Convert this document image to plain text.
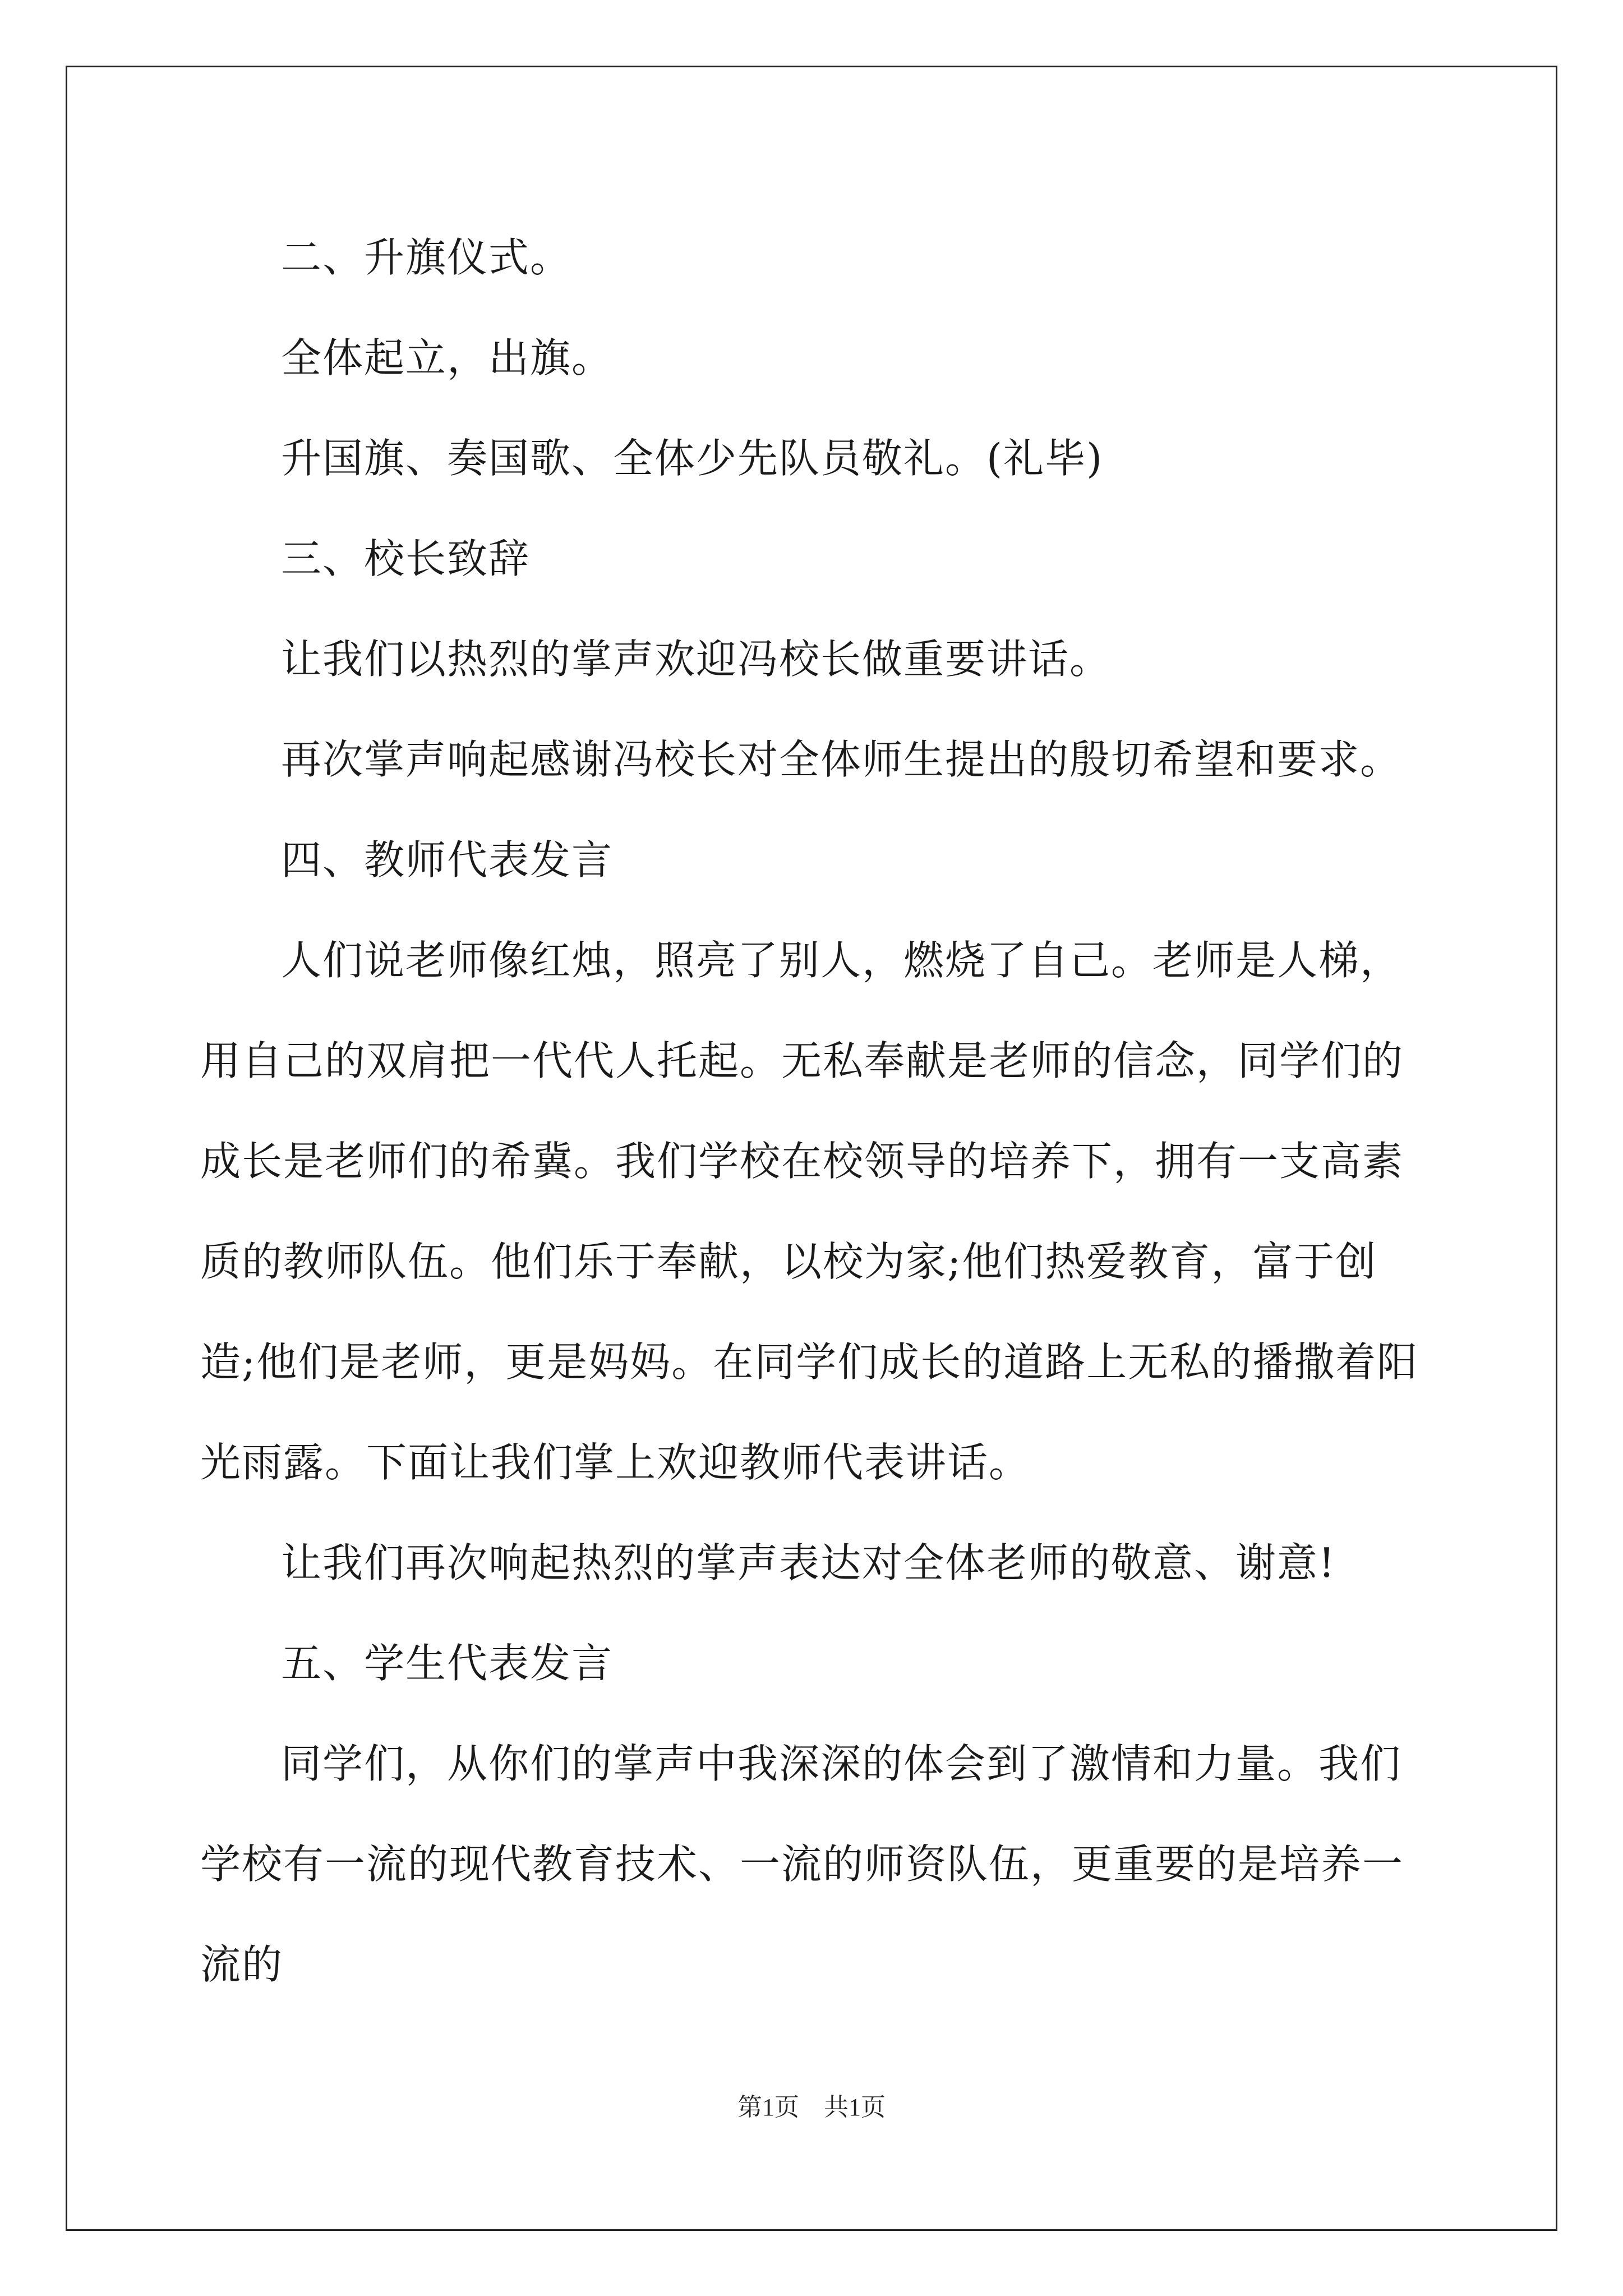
二、升旗仪式。

全体起立，出旗。

升国旗、奏国歌、全体少先队员敬礼。(礼毕)

三、校长致辞

让我们以热烈的掌声欢迎冯校长做重要讲话。

再次掌声响起感谢冯校长对全体师生提出的殷切希望和要求。

四、教师代表发言

人们说老师像红烛，照亮了别人，燃烧了自己。老师是人梯，用自己的双肩把一代代人托起。无私奉献是老师的信念，同学们的成长是老师们的希冀。我们学校在校领导的培养下，拥有一支高素质的教师队伍。他们乐于奉献，以校为家;他们热爱教育，富于创造;他们是老师，更是妈妈。在同学们成长的道路上无私的播撒着阳光雨露。下面让我们掌上欢迎教师代表讲话。

让我们再次响起热烈的掌声表达对全体老师的敬意、谢意!

五、学生代表发言

同学们，从你们的掌声中我深深的体会到了激情和力量。我们学校有一流的现代教育技术、一流的师资队伍，更重要的是培养一流的

第1页　共1页
